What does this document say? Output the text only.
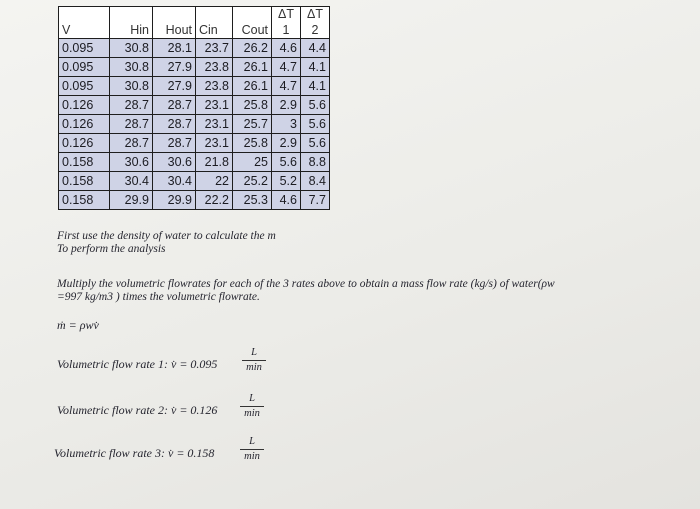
					ΔT	ΔT
V	Hin	Hout	Cin	Cout	1	2
0.095	30.8	28.1	23.7	26.2	4.6	4.4
0.095	30.8	27.9	23.8	26.1	4.7	4.1
0.095	30.8	27.9	23.8	26.1	4.7	4.1
0.126	28.7	28.7	23.1	25.8	2.9	5.6
0.126	28.7	28.7	23.1	25.7	3	5.6
0.126	28.7	28.7	23.1	25.8	2.9	5.6
0.158	30.6	30.6	21.8	25	5.6	8.8
0.158	30.4	30.4	22	25.2	5.2	8.4
0.158	29.9	29.9	22.2	25.3	4.6	7.7

First use the density of water to calculate the m

To perform the analysis

Multiply the volumetric flowrates for each of the 3 rates above to obtain a mass flow rate (kg/s) of water(ρw

=997 kg/m3 ) times the volumetric flowrate.

ṁ = ρwv̇
Volumetric flow rate 1: v̇ = 0.095
L
min
Volumetric flow rate 2: v̇ = 0.126
L
min
Volumetric flow rate 3: v̇ = 0.158
L
min
